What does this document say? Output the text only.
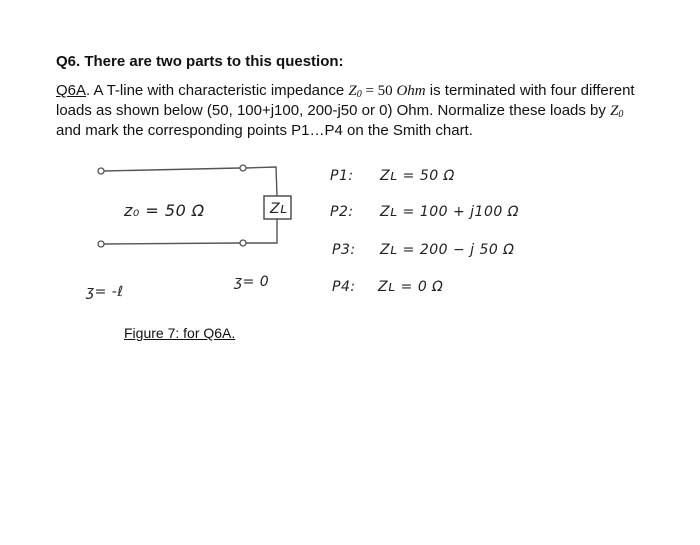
Q6. There are two parts to this question:
Q6A. A T-line with characteristic impedance $Z_0 = 50$ Ohm is terminated with four different loads as shown below (50, 100+j100, 200-j50 or 0) Ohm. Normalize these loads by $Z_0$ and mark the corresponding points P1…P4 on the Smith chart.
Zʟ
z₀ = 50 Ω
ʒ= -ℓ
ʒ= 0
P1: Zʟ = 50 Ω
P2: Zʟ = 100 + j100 Ω
P3: Zʟ = 200 − j 50 Ω
P4: Zʟ = 0 Ω
Figure 7: for Q6A.
